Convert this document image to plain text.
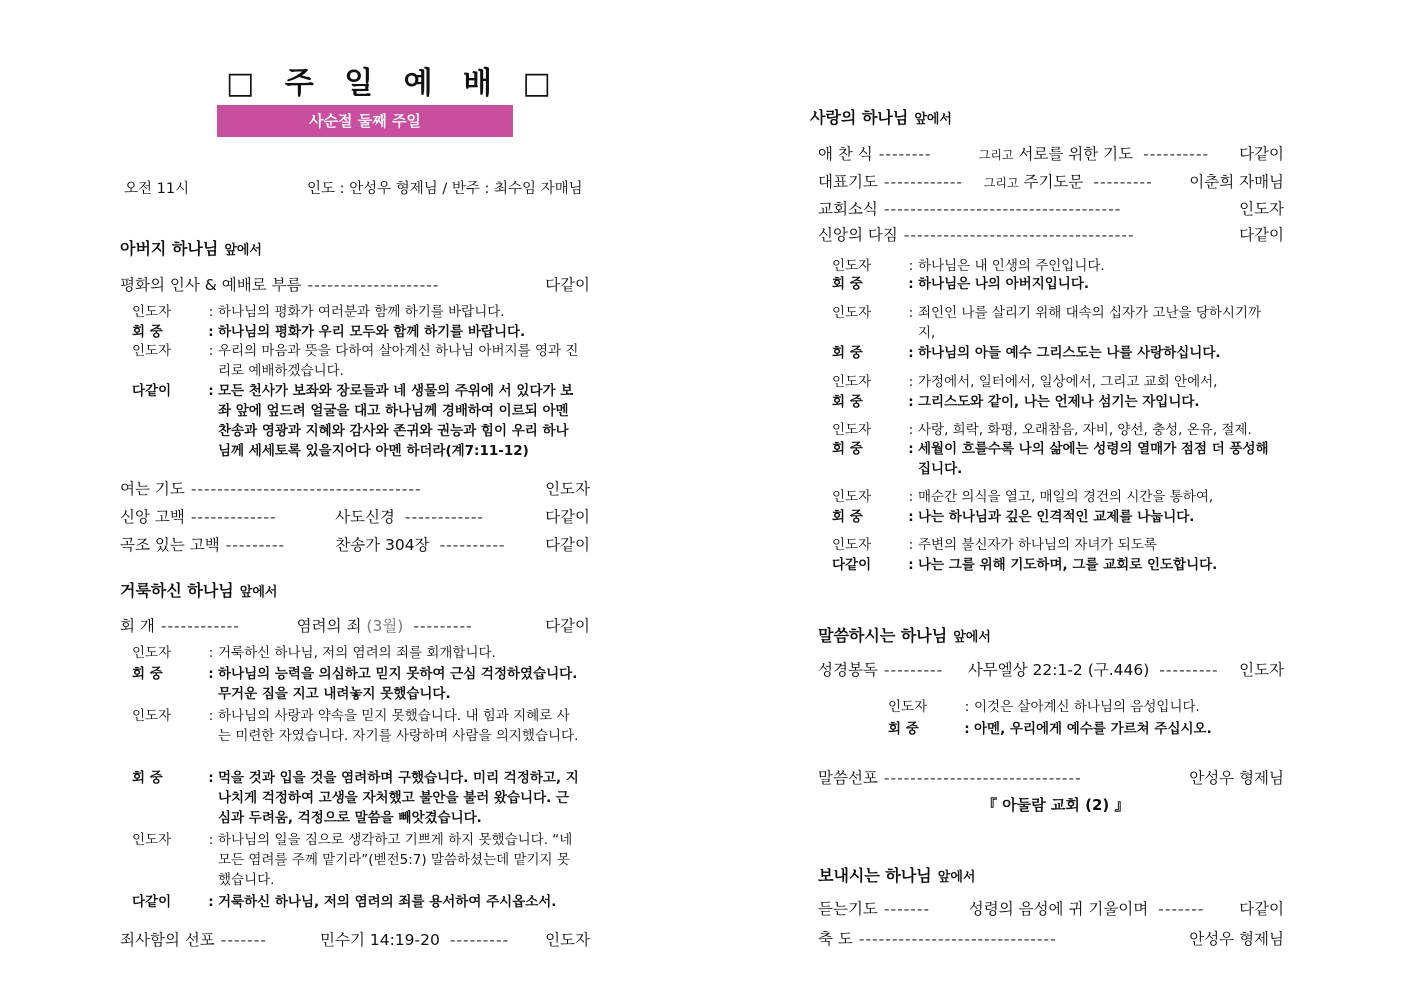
□ 주 일 예 배 □
사순절 둘째 주일
오전 11시	인도 : 안성우 형제님 / 반주 : 최수임 자매님
아버지 하나님 앞에서
평화의 인사 & 예배로 부름 --------------------	다같이
인도자	: 하나님의 평화가 여러분과 함께 하기를 바랍니다.
회 중	: 하나님의 평화가 우리 모두와 함께 하기를 바랍니다.
인도자	: 우리의 마음과 뜻을 다하여 살아계신 하나님 아버지를 영과 진리로 예배하겠습니다.
다같이	: 모든 천사가 보좌와 장로들과 네 생물의 주위에 서 있다가 보좌 앞에 엎드려 얼굴을 대고 하나님께 경배하여 이르되 아멘 찬송과 영광과 지혜와 감사와 존귀와 권능과 힘이 우리 하나님께 세세토록 있을지어다 아멘 하더라(계7:11-12)
여는 기도 -----------------------------------	인도자
신앙 고백 -------------	사도신경 ------------	다같이
곡조 있는 고백 ---------	찬송가 304장 ----------	다같이
거룩하신 하나님 앞에서
회 개 ------------	염려의 죄 (3월) ---------	다같이
인도자	: 거룩하신 하나님, 저의 염려의 죄를 회개합니다.
회 중	: 하나님의 능력을 의심하고 믿지 못하여 근심 걱정하였습니다. 무거운 짐을 지고 내려놓지 못했습니다.
인도자	: 하나님의 사랑과 약속을 믿지 못했습니다. 내 힘과 지혜로 사는 미련한 자였습니다. 자기를 사랑하며 사람을 의지했습니다.
회 중	: 먹을 것과 입을 것을 염려하며 구했습니다. 미리 걱정하고, 지나치게 걱정하여 고생을 자처했고 불안을 불러 왔습니다. 근심과 두려움, 걱정으로 말씀을 빼앗겼습니다.
인도자	: 하나님의 일을 짐으로 생각하고 기쁘게 하지 못했습니다. “네 모든 염려를 주께 맡기라”(벧전5:7) 말씀하셨는데 맡기지 못했습니다.
다같이	: 거룩하신 하나님, 저의 염려의 죄를 용서하여 주시옵소서.
죄사함의 선포 -------	민수기 14:19-20 ---------	인도자
사랑의 하나님 앞에서
애 찬 식 --------	그리고 서로를 위한 기도 ----------	다같이
대표기도 ------------	그리고 주기도문 ---------	이춘희 자매님
교회소식 ------------------------------------	인도자
신앙의 다짐 -----------------------------------	다같이
인도자	: 하나님은 내 인생의 주인입니다.
회 중	: 하나님은 나의 아버지입니다.
인도자	: 죄인인 나를 살리기 위해 대속의 십자가 고난을 당하시기까지,
회 중	: 하나님의 아들 예수 그리스도는 나를 사랑하십니다.
인도자	: 가정에서, 일터에서, 일상에서, 그리고 교회 안에서,
회 중	: 그리스도와 같이, 나는 언제나 섬기는 자입니다.
인도자	: 사랑, 희락, 화평, 오래참음, 자비, 양선, 충성, 온유, 절제.
회 중	: 세월이 흐를수록 나의 삶에는 성령의 열매가 점점 더 풍성해 집니다.
인도자	: 매순간 의식을 열고, 매일의 경건의 시간을 통하여,
회 중	: 나는 하나님과 깊은 인격적인 교제를 나눕니다.
인도자	: 주변의 불신자가 하나님의 자녀가 되도록
다같이	: 나는 그를 위해 기도하며, 그를 교회로 인도합니다.
말씀하시는 하나님 앞에서
성경봉독 ---------	사무엘상 22:1-2 (구.446) ---------	인도자
인도자	: 이것은 살아계신 하나님의 음성입니다.
회 중	: 아멘, 우리에게 예수를 가르쳐 주십시오.
말씀선포 ------------------------------	안성우 형제님
『 아둘람 교회 (2) 』
보내시는 하나님 앞에서
듣는기도 -------	성령의 음성에 귀 기울이며 -------	다같이
축 도 ------------------------------	안성우 형제님
